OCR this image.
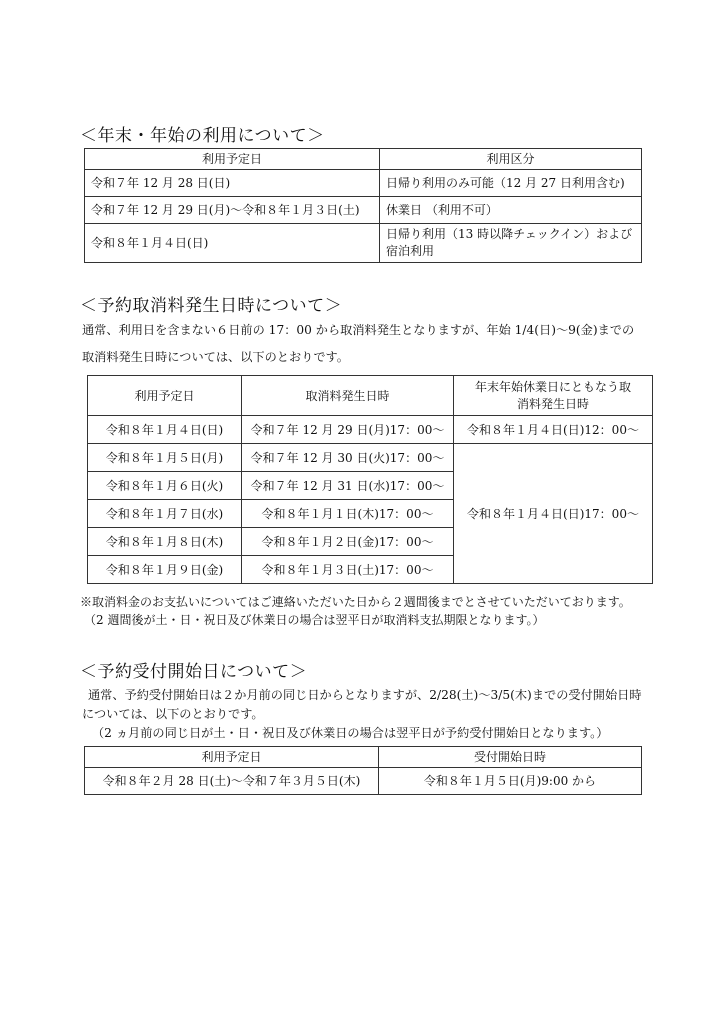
＜年末・年始の利用について＞
利用予定日	利用区分
令和７年 12 月 28 日(日)	日帰り利用のみ可能（12 月 27 日利用含む)
令和７年 12 月 29 日(月)～令和８年１月３日(土)	休業日 （利用不可）
令和８年１月４日(日)	日帰り利用（13 時以降チェックイン）および宿泊利用
＜予約取消料発生日時について＞
通常、利用日を含まない６日前の 17：00 から取消料発生となりますが、年始 1/4(日)～9(金)までの
取消料発生日時については、以下のとおりです。
利用予定日	取消料発生日時	年末年始休業日にともなう取消料発生日時
令和８年１月４日(日)	令和７年 12 月 29 日(月)17：00～	令和８年１月４日(日)12：00～
令和８年１月５日(月)	令和７年 12 月 30 日(火)17：00～	令和８年１月４日(日)17：00～
令和８年１月６日(火)	令和７年 12 月 31 日(水)17：00～	
令和８年１月７日(水)	令和８年１月１日(木)17：00～	
令和８年１月８日(木)	令和８年１月２日(金)17：00～	
令和８年１月９日(金)	令和８年１月３日(土)17：00～	
※取消料金のお支払いについてはご連絡いただいた日から２週間後までとさせていただいております。
（2 週間後が土・日・祝日及び休業日の場合は翌平日が取消料支払期限となります。）
＜予約受付開始日について＞
通常、予約受付開始日は２か月前の同じ日からとなりますが、2/28(土)～3/5(木)までの受付開始日時
については、以下のとおりです。
（2 ヵ月前の同じ日が土・日・祝日及び休業日の場合は翌平日が予約受付開始日となります。）
利用予定日	受付開始日時
令和８年２月 28 日(土)～令和７年３月５日(木)	令和８年１月５日(月)9:00 から
